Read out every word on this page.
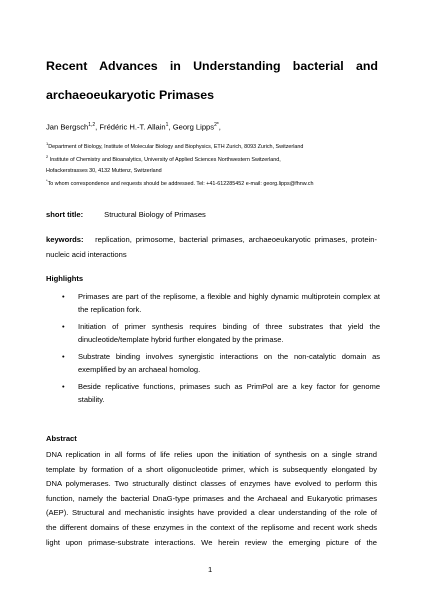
Recent Advances in Understanding bacterial and
archaeoeukaryotic Primases
Jan Bergsch$^{1,2}$, Frédéric H.-T. Allain$^1$, Georg Lipps$^{2*}$,

$^1$Department of Biology, Institute of Molecular Biology and Biophysics, ETH Zurich, 8093 Zurich, Switzerland

$^2$ Institute of Chemistry and Bioanalytics, University of Applied Sciences Northwestern Switzerland,

Hofackerstrasses 30, 4132 Muttenz, Switzerland

*To whom correspondence and requests should be addressed. Tel: +41-612285452 e-mail: georg.lipps@fhnw.ch

short title:	Structural Biology of Primases
keywords: replication, primosome, bacterial primases, archaeoeukaryotic primases, protein-nucleic acid interactions
Highlights
• Primases are part of the replisome, a flexible and highly dynamic multiprotein complex at the replication fork.
• Initiation of primer synthesis requires binding of three substrates that yield the dinucleotide/template hybrid further elongated by the primase.
• Substrate binding involves synergistic interactions on the non-catalytic domain as exemplified by an archaeal homolog.
• Beside replicative functions, primases such as PrimPol are a key factor for genome stability.
Abstract
DNA replication in all forms of life relies upon the initiation of synthesis on a single strand
template by formation of a short oligonucleotide primer, which is subsequently elongated by
DNA polymerases. Two structurally distinct classes of enzymes have evolved to perform this
function, namely the bacterial DnaG-type primases and the Archaeal and Eukaryotic primases
(AEP). Structural and mechanistic insights have provided a clear understanding of the role of
the different domains of these enzymes in the context of the replisome and recent work sheds
light upon primase-substrate interactions. We herein review the emerging picture of the
1
